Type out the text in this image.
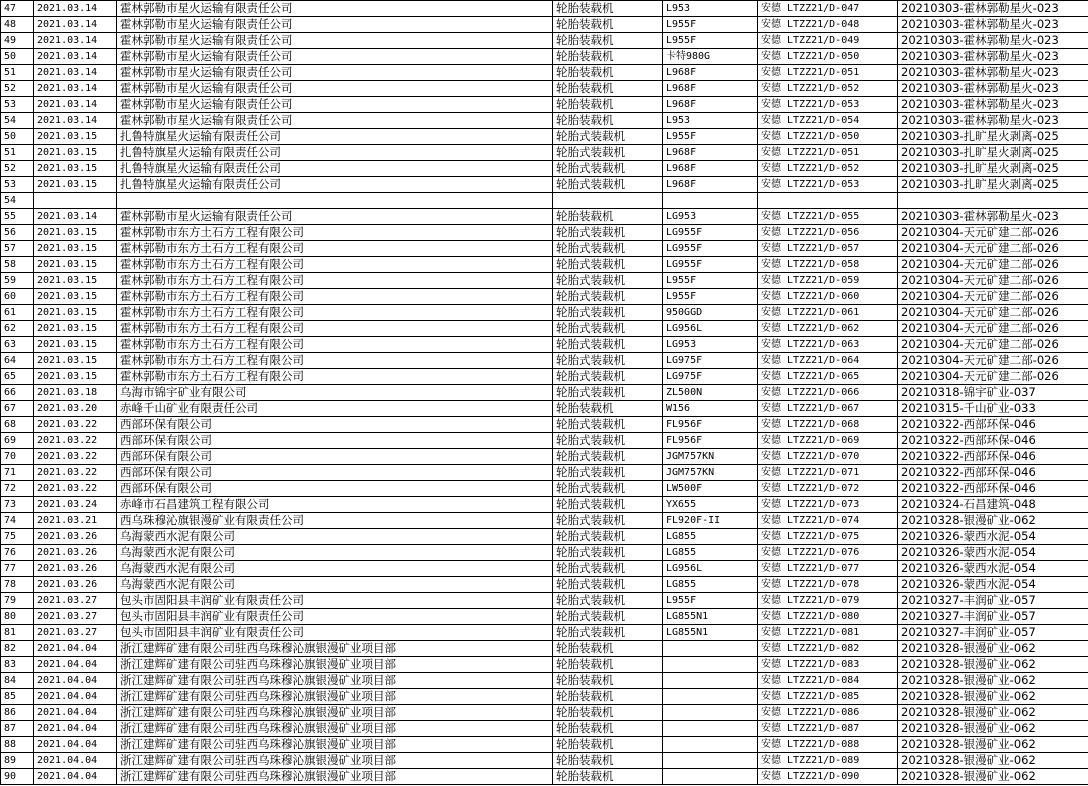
47	2021.03.14	霍林郭勒市星火运输有限责任公司	轮胎装载机	L953	安德 LTZZ21/D-047	20210303-霍林郭勒星火-023
48	2021.03.14	霍林郭勒市星火运输有限责任公司	轮胎装载机	L955F	安德 LTZZ21/D-048	20210303-霍林郭勒星火-023
49	2021.03.14	霍林郭勒市星火运输有限责任公司	轮胎装载机	L955F	安德 LTZZ21/D-049	20210303-霍林郭勒星火-023
50	2021.03.14	霍林郭勒市星火运输有限责任公司	轮胎装载机	卡特980G	安德 LTZZ21/D-050	20210303-霍林郭勒星火-023
51	2021.03.14	霍林郭勒市星火运输有限责任公司	轮胎装载机	L968F	安德 LTZZ21/D-051	20210303-霍林郭勒星火-023
52	2021.03.14	霍林郭勒市星火运输有限责任公司	轮胎装载机	L968F	安德 LTZZ21/D-052	20210303-霍林郭勒星火-023
53	2021.03.14	霍林郭勒市星火运输有限责任公司	轮胎装载机	L968F	安德 LTZZ21/D-053	20210303-霍林郭勒星火-023
54	2021.03.14	霍林郭勒市星火运输有限责任公司	轮胎装载机	L953	安德 LTZZ21/D-054	20210303-霍林郭勒星火-023
50	2021.03.15	扎鲁特旗星火运输有限责任公司	轮胎式装载机	L955F	安德 LTZZ21/D-050	20210303-扎旷星火剥离-025
51	2021.03.15	扎鲁特旗星火运输有限责任公司	轮胎式装载机	L968F	安德 LTZZ21/D-051	20210303-扎旷星火剥离-025
52	2021.03.15	扎鲁特旗星火运输有限责任公司	轮胎式装载机	L968F	安德 LTZZ21/D-052	20210303-扎旷星火剥离-025
53	2021.03.15	扎鲁特旗星火运输有限责任公司	轮胎式装载机	L968F	安德 LTZZ21/D-053	20210303-扎旷星火剥离-025
54						
55	2021.03.14	霍林郭勒市星火运输有限责任公司	轮胎装载机	LG953	安德 LTZZ21/D-055	20210303-霍林郭勒星火-023
56	2021.03.15	霍林郭勒市东方土石方工程有限公司	轮胎式装载机	LG955F	安德 LTZZ21/D-056	20210304-天元矿建二部-026
57	2021.03.15	霍林郭勒市东方土石方工程有限公司	轮胎式装载机	LG955F	安德 LTZZ21/D-057	20210304-天元矿建二部-026
58	2021.03.15	霍林郭勒市东方土石方工程有限公司	轮胎式装载机	LG955F	安德 LTZZ21/D-058	20210304-天元矿建二部-026
59	2021.03.15	霍林郭勒市东方土石方工程有限公司	轮胎式装载机	L955F	安德 LTZZ21/D-059	20210304-天元矿建二部-026
60	2021.03.15	霍林郭勒市东方土石方工程有限公司	轮胎式装载机	L955F	安德 LTZZ21/D-060	20210304-天元矿建二部-026
61	2021.03.15	霍林郭勒市东方土石方工程有限公司	轮胎式装载机	950GGD	安德 LTZZ21/D-061	20210304-天元矿建二部-026
62	2021.03.15	霍林郭勒市东方土石方工程有限公司	轮胎式装载机	LG956L	安德 LTZZ21/D-062	20210304-天元矿建二部-026
63	2021.03.15	霍林郭勒市东方土石方工程有限公司	轮胎式装载机	LG953	安德 LTZZ21/D-063	20210304-天元矿建二部-026
64	2021.03.15	霍林郭勒市东方土石方工程有限公司	轮胎式装载机	LG975F	安德 LTZZ21/D-064	20210304-天元矿建二部-026
65	2021.03.15	霍林郭勒市东方土石方工程有限公司	轮胎式装载机	LG975F	安德 LTZZ21/D-065	20210304-天元矿建二部-026
66	2021.03.18	乌海市锦宇矿业有限公司	轮胎式装载机	ZL500N	安德 LTZZ21/D-066	20210318-锦宇矿业-037
67	2021.03.20	赤峰千山矿业有限责任公司	轮胎装载机	W156	安德 LTZZ21/D-067	20210315-千山矿业-033
68	2021.03.22	西部环保有限公司	轮胎式装载机	FL956F	安德 LTZZ21/D-068	20210322-西部环保-046
69	2021.03.22	西部环保有限公司	轮胎式装载机	FL956F	安德 LTZZ21/D-069	20210322-西部环保-046
70	2021.03.22	西部环保有限公司	轮胎式装载机	JGM757KN	安德 LTZZ21/D-070	20210322-西部环保-046
71	2021.03.22	西部环保有限公司	轮胎式装载机	JGM757KN	安德 LTZZ21/D-071	20210322-西部环保-046
72	2021.03.22	西部环保有限公司	轮胎式装载机	LW500F	安德 LTZZ21/D-072	20210322-西部环保-046
73	2021.03.24	赤峰市石昌建筑工程有限公司	轮胎式装载机	YX655	安德 LTZZ21/D-073	20210324-石昌建筑-048
74	2021.03.21	西乌珠穆沁旗银漫矿业有限责任公司	轮胎式装载机	FL920F-II	安德 LTZZ21/D-074	20210328-银漫矿业-062
75	2021.03.26	乌海蒙西水泥有限公司	轮胎式装载机	LG855	安德 LTZZ21/D-075	20210326-蒙西水泥-054
76	2021.03.26	乌海蒙西水泥有限公司	轮胎式装载机	LG855	安德 LTZZ21/D-076	20210326-蒙西水泥-054
77	2021.03.26	乌海蒙西水泥有限公司	轮胎式装载机	LG956L	安德 LTZZ21/D-077	20210326-蒙西水泥-054
78	2021.03.26	乌海蒙西水泥有限公司	轮胎式装载机	LG855	安德 LTZZ21/D-078	20210326-蒙西水泥-054
79	2021.03.27	包头市固阳县丰润矿业有限责任公司	轮胎式装载机	L955F	安德 LTZZ21/D-079	20210327-丰润矿业-057
80	2021.03.27	包头市固阳县丰润矿业有限责任公司	轮胎式装载机	LG855N1	安德 LTZZ21/D-080	20210327-丰润矿业-057
81	2021.03.27	包头市固阳县丰润矿业有限责任公司	轮胎式装载机	LG855N1	安德 LTZZ21/D-081	20210327-丰润矿业-057
82	2021.04.04	浙江建辉矿建有限公司驻西乌珠穆沁旗银漫矿业项目部	轮胎装载机		安德 LTZZ21/D-082	20210328-银漫矿业-062
83	2021.04.04	浙江建辉矿建有限公司驻西乌珠穆沁旗银漫矿业项目部	轮胎装载机		安德 LTZZ21/D-083	20210328-银漫矿业-062
84	2021.04.04	浙江建辉矿建有限公司驻西乌珠穆沁旗银漫矿业项目部	轮胎装载机		安德 LTZZ21/D-084	20210328-银漫矿业-062
85	2021.04.04	浙江建辉矿建有限公司驻西乌珠穆沁旗银漫矿业项目部	轮胎装载机		安德 LTZZ21/D-085	20210328-银漫矿业-062
86	2021.04.04	浙江建辉矿建有限公司驻西乌珠穆沁旗银漫矿业项目部	轮胎装载机		安德 LTZZ21/D-086	20210328-银漫矿业-062
87	2021.04.04	浙江建辉矿建有限公司驻西乌珠穆沁旗银漫矿业项目部	轮胎装载机		安德 LTZZ21/D-087	20210328-银漫矿业-062
88	2021.04.04	浙江建辉矿建有限公司驻西乌珠穆沁旗银漫矿业项目部	轮胎装载机		安德 LTZZ21/D-088	20210328-银漫矿业-062
89	2021.04.04	浙江建辉矿建有限公司驻西乌珠穆沁旗银漫矿业项目部	轮胎装载机		安德 LTZZ21/D-089	20210328-银漫矿业-062
90	2021.04.04	浙江建辉矿建有限公司驻西乌珠穆沁旗银漫矿业项目部	轮胎装载机		安德 LTZZ21/D-090	20210328-银漫矿业-062
